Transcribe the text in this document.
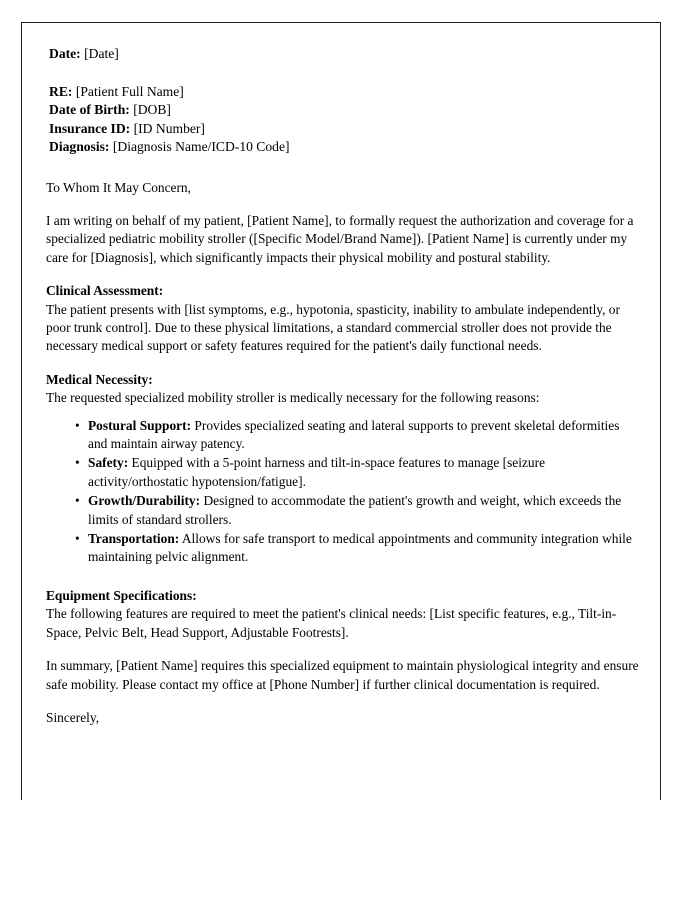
Date: [Date]
RE: [Patient Full Name]
Date of Birth: [DOB]
Insurance ID: [ID Number]
Diagnosis: [Diagnosis Name/ICD-10 Code]

To Whom It May Concern,

I am writing on behalf of my patient, [Patient Name], to formally request the authorization and coverage for a specialized pediatric mobility stroller ([Specific Model/Brand Name]). [Patient Name] is currently under my care for [Diagnosis], which significantly impacts their physical mobility and postural stability.

Clinical Assessment:

The patient presents with [list symptoms, e.g., hypotonia, spasticity, inability to ambulate independently, or poor trunk control]. Due to these physical limitations, a standard commercial stroller does not provide the necessary medical support or safety features required for the patient's daily functional needs.

Medical Necessity:

The requested specialized mobility stroller is medically necessary for the following reasons:

• Postural Support: Provides specialized seating and lateral supports to prevent skeletal deformities and maintain airway patency.
• Safety: Equipped with a 5-point harness and tilt-in-space features to manage [seizure activity/orthostatic hypotension/fatigue].
• Growth/Durability: Designed to accommodate the patient's growth and weight, which exceeds the limits of standard strollers.
• Transportation: Allows for safe transport to medical appointments and community integration while maintaining pelvic alignment.

Equipment Specifications:

The following features are required to meet the patient's clinical needs: [List specific features, e.g., Tilt-in-Space, Pelvic Belt, Head Support, Adjustable Footrests].

In summary, [Patient Name] requires this specialized equipment to maintain physiological integrity and ensure safe mobility. Please contact my office at [Phone Number] if further clinical documentation is required.

Sincerely,
